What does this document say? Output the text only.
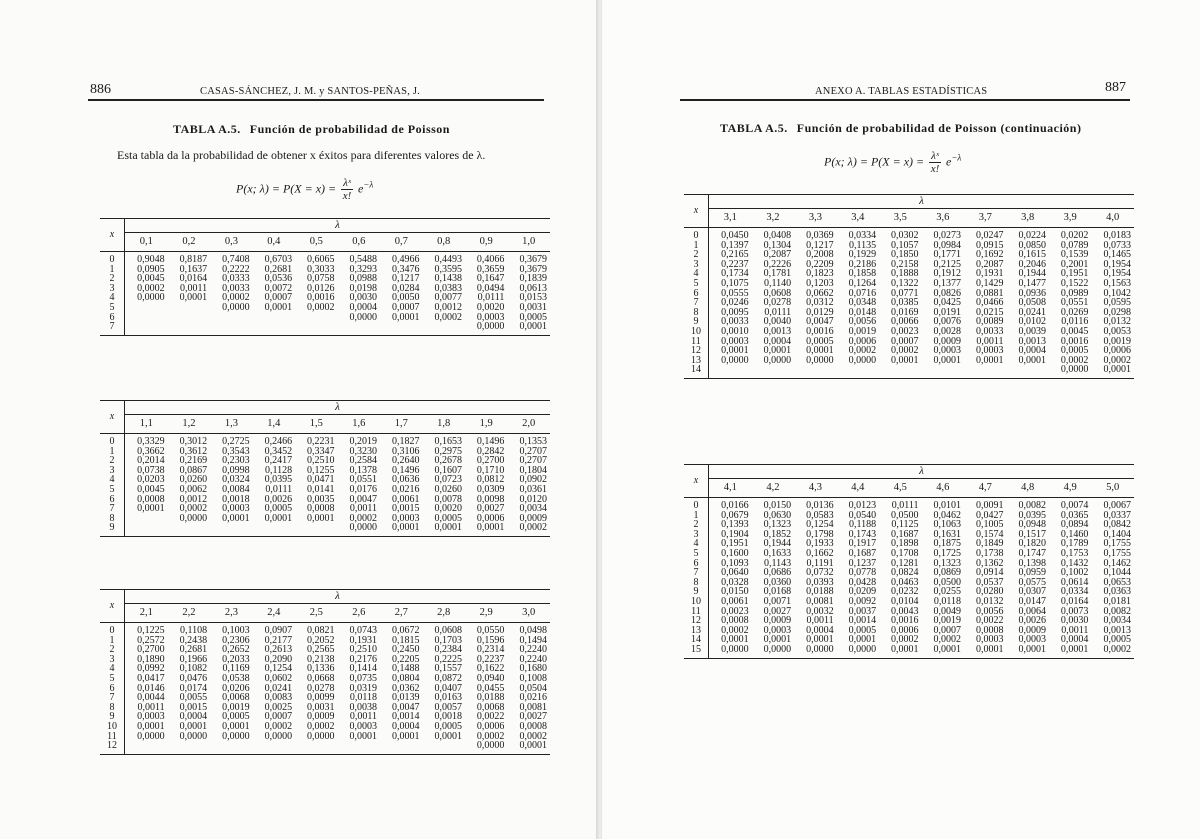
886	CASAS-SÁNCHEZ, J. M. y SANTOS-PEÑAS, J.
TABLA A.5. Función de probabilidad de Poisson
Esta tabla da la probabilidad de obtener x éxitos para diferentes valores de λ.
P(x; $\lambda) = P(X = x) = \frac{\text{λˣ}}{x!} e^{-\lambda}$
x	λ									
	0,1	0,2	0,3	0,4	0,5	0,6	0,7	0,8	0,9	1,0
0	0,9048	0,8187	0,7408	0,6703	0,6065	0,5488	0,4966	0,4493	0,4066	0,3679
1	0,0905	0,1637	0,2222	0,2681	0,3033	0,3293	0,3476	0,3595	0,3659	0,3679
2	0,0045	0,0164	0,0333	0,0536	0,0758	0,0988	0,1217	0,1438	0,1647	0,1839
3	0,0002	0,0011	0,0033	0,0072	0,0126	0,0198	0,0284	0,0383	0,0494	0,0613
4	0,0000	0,0001	0,0002	0,0007	0,0016	0,0030	0,0050	0,0077	0,0111	0,0153
5			0,0000	0,0001	0,0002	0,0004	0,0007	0,0012	0,0020	0,0031
6						0,0000	0,0001	0,0002	0,0003	0,0005
7									0,0000	0,0001
x	λ									
	1,1	1,2	1,3	1,4	1,5	1,6	1,7	1,8	1,9	2,0
0	0,3329	0,3012	0,2725	0,2466	0,2231	0,2019	0,1827	0,1653	0,1496	0,1353
1	0,3662	0,3612	0,3543	0,3452	0,3347	0,3230	0,3106	0,2975	0,2842	0,2707
2	0,2014	0,2169	0,2303	0,2417	0,2510	0,2584	0,2640	0,2678	0,2700	0,2707
3	0,0738	0,0867	0,0998	0,1128	0,1255	0,1378	0,1496	0,1607	0,1710	0,1804
4	0,0203	0,0260	0,0324	0,0395	0,0471	0,0551	0,0636	0,0723	0,0812	0,0902
5	0,0045	0,0062	0,0084	0,0111	0,0141	0,0176	0,0216	0,0260	0,0309	0,0361
6	0,0008	0,0012	0,0018	0,0026	0,0035	0,0047	0,0061	0,0078	0,0098	0,0120
7	0,0001	0,0002	0,0003	0,0005	0,0008	0,0011	0,0015	0,0020	0,0027	0,0034
8		0,0000	0,0001	0,0001	0,0001	0,0002	0,0003	0,0005	0,0006	0,0009
9						0,0000	0,0001	0,0001	0,0001	0,0002
x	λ									
	2,1	2,2	2,3	2,4	2,5	2,6	2,7	2,8	2,9	3,0
0	0,1225	0,1108	0,1003	0,0907	0,0821	0,0743	0,0672	0,0608	0,0550	0,0498
1	0,2572	0,2438	0,2306	0,2177	0,2052	0,1931	0,1815	0,1703	0,1596	0,1494
2	0,2700	0,2681	0,2652	0,2613	0,2565	0,2510	0,2450	0,2384	0,2314	0,2240
3	0,1890	0,1966	0,2033	0,2090	0,2138	0,2176	0,2205	0,2225	0,2237	0,2240
4	0,0992	0,1082	0,1169	0,1254	0,1336	0,1414	0,1488	0,1557	0,1622	0,1680
5	0,0417	0,0476	0,0538	0,0602	0,0668	0,0735	0,0804	0,0872	0,0940	0,1008
6	0,0146	0,0174	0,0206	0,0241	0,0278	0,0319	0,0362	0,0407	0,0455	0,0504
7	0,0044	0,0055	0,0068	0,0083	0,0099	0,0118	0,0139	0,0163	0,0188	0,0216
8	0,0011	0,0015	0,0019	0,0025	0,0031	0,0038	0,0047	0,0057	0,0068	0,0081
9	0,0003	0,0004	0,0005	0,0007	0,0009	0,0011	0,0014	0,0018	0,0022	0,0027
10	0,0001	0,0001	0,0001	0,0002	0,0002	0,0003	0,0004	0,0005	0,0006	0,0008
11	0,0000	0,0000	0,0000	0,0000	0,0000	0,0001	0,0001	0,0001	0,0002	0,0002
12									0,0000	0,0001
ANEXO A. TABLAS ESTADÍSTICAS	887
TABLA A.5. Función de probabilidad de Poisson (continuación)
P(x; $\lambda) = P(X = x) = \frac{\text{λˣ}}{x!} e^{-\lambda}$
x	λ									
	3,1	3,2	3,3	3,4	3,5	3,6	3,7	3,8	3,9	4,0
0	0,0450	0,0408	0,0369	0,0334	0,0302	0,0273	0,0247	0,0224	0,0202	0,0183
1	0,1397	0,1304	0,1217	0,1135	0,1057	0,0984	0,0915	0,0850	0,0789	0,0733
2	0,2165	0,2087	0,2008	0,1929	0,1850	0,1771	0,1692	0,1615	0,1539	0,1465
3	0,2237	0,2226	0,2209	0,2186	0,2158	0,2125	0,2087	0,2046	0,2001	0,1954
4	0,1734	0,1781	0,1823	0,1858	0,1888	0,1912	0,1931	0,1944	0,1951	0,1954
5	0,1075	0,1140	0,1203	0,1264	0,1322	0,1377	0,1429	0,1477	0,1522	0,1563
6	0,0555	0,0608	0,0662	0,0716	0,0771	0,0826	0,0881	0,0936	0,0989	0,1042
7	0,0246	0,0278	0,0312	0,0348	0,0385	0,0425	0,0466	0,0508	0,0551	0,0595
8	0,0095	0,0111	0,0129	0,0148	0,0169	0,0191	0,0215	0,0241	0,0269	0,0298
9	0,0033	0,0040	0,0047	0,0056	0,0066	0,0076	0,0089	0,0102	0,0116	0,0132
10	0,0010	0,0013	0,0016	0,0019	0,0023	0,0028	0,0033	0,0039	0,0045	0,0053
11	0,0003	0,0004	0,0005	0,0006	0,0007	0,0009	0,0011	0,0013	0,0016	0,0019
12	0,0001	0,0001	0,0001	0,0002	0,0002	0,0003	0,0003	0,0004	0,0005	0,0006
13	0,0000	0,0000	0,0000	0,0000	0,0001	0,0001	0,0001	0,0001	0,0002	0,0002
14									0,0000	0,0001
x	λ									
	4,1	4,2	4,3	4,4	4,5	4,6	4,7	4,8	4,9	5,0
0	0,0166	0,0150	0,0136	0,0123	0,0111	0,0101	0,0091	0,0082	0,0074	0,0067
1	0,0679	0,0630	0,0583	0,0540	0,0500	0,0462	0,0427	0,0395	0,0365	0,0337
2	0,1393	0,1323	0,1254	0,1188	0,1125	0,1063	0,1005	0,0948	0,0894	0,0842
3	0,1904	0,1852	0,1798	0,1743	0,1687	0,1631	0,1574	0,1517	0,1460	0,1404
4	0,1951	0,1944	0,1933	0,1917	0,1898	0,1875	0,1849	0,1820	0,1789	0,1755
5	0,1600	0,1633	0,1662	0,1687	0,1708	0,1725	0,1738	0,1747	0,1753	0,1755
6	0,1093	0,1143	0,1191	0,1237	0,1281	0,1323	0,1362	0,1398	0,1432	0,1462
7	0,0640	0,0686	0,0732	0,0778	0,0824	0,0869	0,0914	0,0959	0,1002	0,1044
8	0,0328	0,0360	0,0393	0,0428	0,0463	0,0500	0,0537	0,0575	0,0614	0,0653
9	0,0150	0,0168	0,0188	0,0209	0,0232	0,0255	0,0280	0,0307	0,0334	0,0363
10	0,0061	0,0071	0,0081	0,0092	0,0104	0,0118	0,0132	0,0147	0,0164	0,0181
11	0,0023	0,0027	0,0032	0,0037	0,0043	0,0049	0,0056	0,0064	0,0073	0,0082
12	0,0008	0,0009	0,0011	0,0014	0,0016	0,0019	0,0022	0,0026	0,0030	0,0034
13	0,0002	0,0003	0,0004	0,0005	0,0006	0,0007	0,0008	0,0009	0,0011	0,0013
14	0,0001	0,0001	0,0001	0,0001	0,0002	0,0002	0,0003	0,0003	0,0004	0,0005
15	0,0000	0,0000	0,0000	0,0000	0,0001	0,0001	0,0001	0,0001	0,0001	0,0002
